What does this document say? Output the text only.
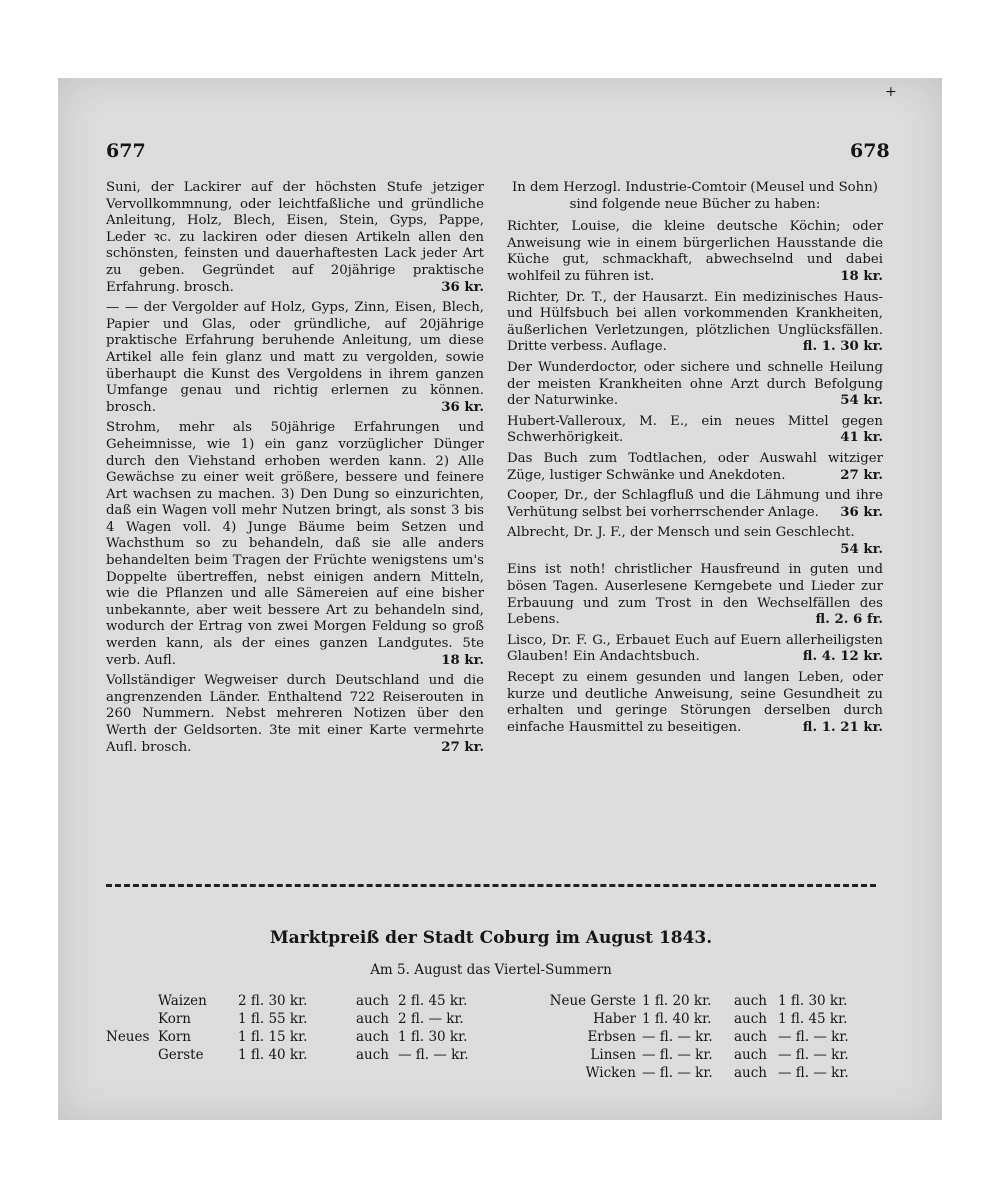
+
677	678
Suni, der Lackirer auf der höchsten Stufe jetziger Vervollkommnung, oder leichtfaßliche und gründliche Anleitung, Holz, Blech, Eisen, Stein, Gyps, Pappe, Leder ꝛc. zu lackiren oder diesen Artikeln allen den schönsten, feinsten und dauerhaftesten Lack jeder Art zu geben. Gegründet auf 20jährige praktische Erfahrung. brosch.	36 kr.
— — der Vergolder auf Holz, Gyps, Zinn, Eisen, Blech, Papier und Glas, oder gründliche, auf 20jährige praktische Erfahrung beruhende Anleitung, um diese Artikel alle fein glanz und matt zu vergolden, sowie überhaupt die Kunst des Vergoldens in ihrem ganzen Umfange genau und richtig erlernen zu können. brosch.	36 kr.
Strohm, mehr als 50jährige Erfahrungen und Geheimnisse, wie 1) ein ganz vorzüglicher Dünger durch den Viehstand erhoben werden kann. 2) Alle Gewächse zu einer weit größere, bessere und feinere Art wachsen zu machen. 3) Den Dung so einzurichten, daß ein Wagen voll mehr Nutzen bringt, als sonst 3 bis 4 Wagen voll. 4) Junge Bäume beim Setzen und Wachsthum so zu behandeln, daß sie alle anders behandelten beim Tragen der Früchte wenigstens um's Doppelte übertreffen, nebst einigen andern Mitteln, wie die Pflanzen und alle Sämereien auf eine bisher unbekannte, aber weit bessere Art zu behandeln sind, wodurch der Ertrag von zwei Morgen Feldung so groß werden kann, als der eines ganzen Landgutes. 5te verb. Aufl.	18 kr.
Vollständiger Wegweiser durch Deutschland und die angrenzenden Länder. Enthaltend 722 Reiserouten in 260 Nummern. Nebst mehreren Notizen über den Werth der Geldsorten. 3te mit einer Karte vermehrte Aufl. brosch.	27 kr.
In dem Herzogl. Industrie-Comtoir (Meusel und Sohn) sind folgende neue Bücher zu haben:
Richter, Louise, die kleine deutsche Köchin; oder Anweisung wie in einem bürgerlichen Hausstande die Küche gut, schmackhaft, abwechselnd und dabei wohlfeil zu führen ist.	18 kr.
Richter, Dr. T., der Hausarzt. Ein medizinisches Haus- und Hülfsbuch bei allen vorkommenden Krankheiten, äußerlichen Verletzungen, plötzlichen Unglücksfällen. Dritte verbess. Auflage.	fl. 1. 30 kr.
Der Wunderdoctor, oder sichere und schnelle Heilung der meisten Krankheiten ohne Arzt durch Befolgung der Naturwinke.	54 kr.
Hubert-Valleroux, M. E., ein neues Mittel gegen Schwerhörigkeit.	41 kr.
Das Buch zum Todtlachen, oder Auswahl witziger Züge, lustiger Schwänke und Anekdoten.	27 kr.
Cooper, Dr., der Schlagfluß und die Lähmung und ihre Verhütung selbst bei vorherrschender Anlage. 36 kr.
Albrecht, Dr. J. F., der Mensch und sein Geschlecht.
54 kr.
Eins ist noth! christlicher Hausfreund in guten und bösen Tagen. Auserlesene Kerngebete und Lieder zur Erbauung und zum Trost in den Wechselfällen des Lebens.	fl. 2. 6 fr.
Lisco, Dr. F. G., Erbauet Euch auf Euern allerheiligsten Glauben! Ein Andachtsbuch.	fl. 4. 12 kr.
Recept zu einem gesunden und langen Leben, oder kurze und deutliche Anweisung, seine Gesundheit zu erhalten und geringe Störungen derselben durch einfache Hausmittel zu beseitigen.	fl. 1. 21 kr.
Marktpreiß der Stadt Coburg im August 1843.
Am 5. August das Viertel-Summern
	Waizen	2 fl. 30 kr.	auch	2 fl. 45 kr.
	Korn	1 fl. 55 kr.	auch	2 fl. — kr.
Neues	Korn	1 fl. 15 kr.	auch	1 fl. 30 kr.
	Gerste	1 fl. 40 kr.	auch	— fl. — kr.
Neue Gerste	1 fl. 20 kr.	auch	1 fl. 30 kr.
Haber	1 fl. 40 kr.	auch	1 fl. 45 kr.
Erbsen	— fl. — kr.	auch	— fl. — kr.
Linsen	— fl. — kr.	auch	— fl. — kr.
Wicken	— fl. — kr.	auch	— fl. — kr.
